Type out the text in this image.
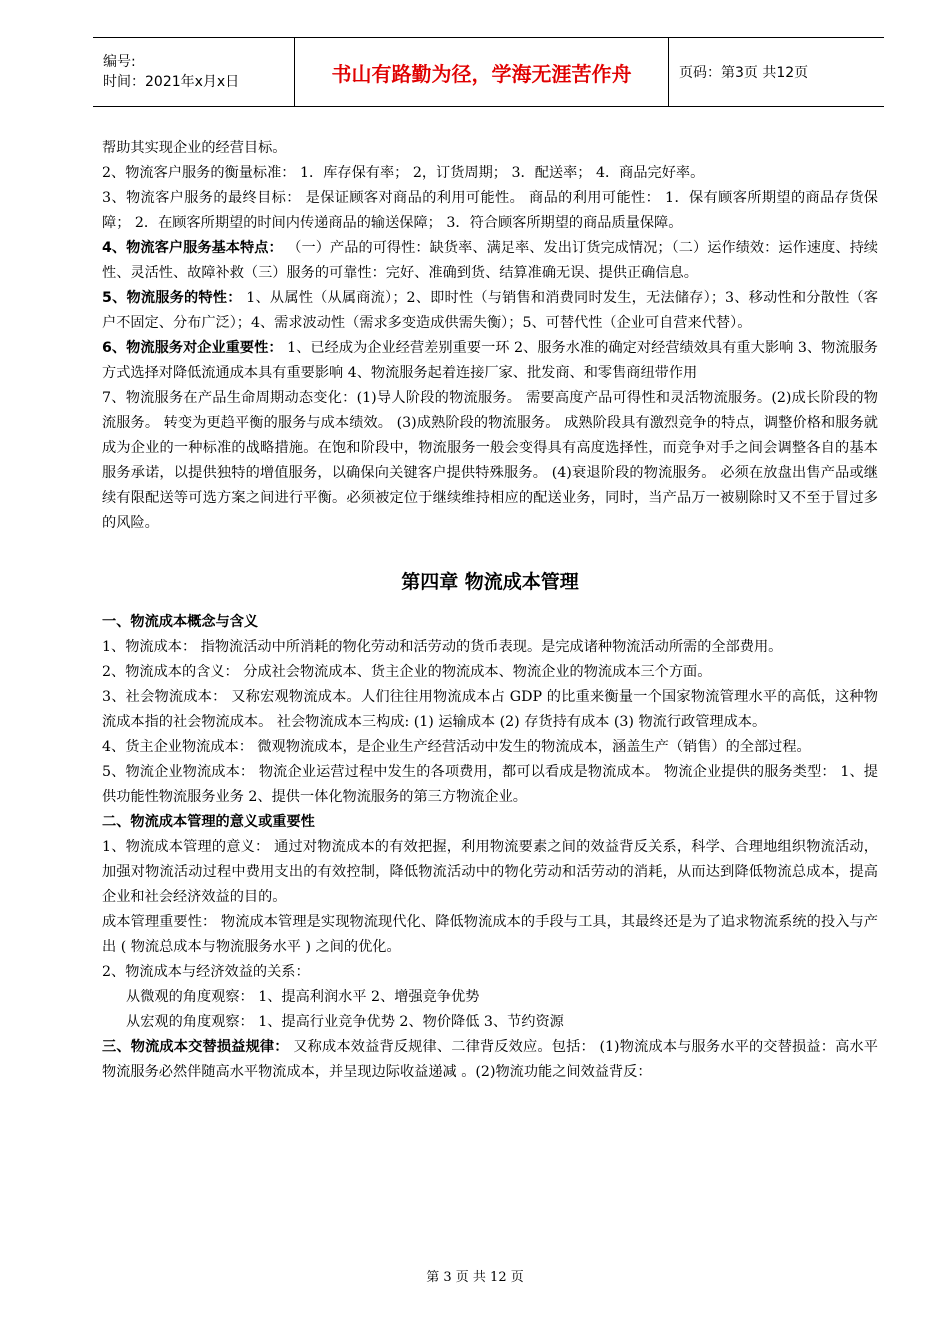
编号:
时间：2021年x月x日	书山有路勤为径，学海无涯苦作舟	页码：第3页 共12页

帮助其实现企业的经营目标。

2、物流客户服务的衡量标准： 1．库存保有率； 2，订货周期； 3．配送率； 4．商品完好率。

3、物流客户服务的最终目标： 是保证顾客对商品的利用可能性。 商品的利用可能性： 1．保有顾客所期望的商品存货保障； 2．在顾客所期望的时间内传递商品的输送保障； 3．符合顾客所期望的商品质量保障。

4、物流客户服务基本特点： （一）产品的可得性：缺货率、满足率、发出订货完成情况；（二）运作绩效：运作速度、持续性、灵活性、故障补救（三）服务的可靠性：完好、准确到货、结算准确无误、提供正确信息。

5、物流服务的特性： 1、从属性（从属商流）；2、即时性（与销售和消费同时发生，无法储存）；3、移动性和分散性（客户不固定、分布广泛）；4、需求波动性（需求多变造成供需失衡）；5、可替代性（企业可自营来代替）。

6、物流服务对企业重要性： 1、已经成为企业经营差别重要一环 2、服务水准的确定对经营绩效具有重大影响 3、物流服务方式选择对降低流通成本具有重要影响 4、物流服务起着连接厂家、批发商、和零售商纽带作用

7、物流服务在产品生命周期动态变化：(1)导人阶段的物流服务。 需要高度产品可得性和灵活物流服务。(2)成长阶段的物流服务。 转变为更趋平衡的服务与成本绩效。 (3)成熟阶段的物流服务。 成熟阶段具有激烈竞争的特点，调整价格和服务就成为企业的一种标准的战略措施。在饱和阶段中，物流服务一般会变得具有高度选择性，而竞争对手之间会调整各自的基本服务承诺，以提供独特的增值服务，以确保向关键客户提供特殊服务。 (4)衰退阶段的物流服务。 必须在放盘出售产品或继续有限配送等可选方案之间进行平衡。必须被定位于继续维持相应的配送业务，同时，当产品万一被剔除时又不至于冒过多的风险。

第四章 物流成本管理

一、物流成本概念与含义

1、物流成本： 指物流活动中所消耗的物化劳动和活劳动的货币表现。是完成诸种物流活动所需的全部费用。

2、物流成本的含义： 分成社会物流成本、货主企业的物流成本、物流企业的物流成本三个方面。

3、社会物流成本： 又称宏观物流成本。人们往往用物流成本占 GDP 的比重来衡量一个国家物流管理水平的高低，这种物流成本指的社会物流成本。 社会物流成本三构成: (1) 运输成本 (2) 存货持有成本 (3) 物流行政管理成本。

4、货主企业物流成本： 微观物流成本，是企业生产经营活动中发生的物流成本，涵盖生产（销售）的全部过程。

5、物流企业物流成本： 物流企业运营过程中发生的各项费用，都可以看成是物流成本。 物流企业提供的服务类型： 1、提供功能性物流服务业务 2、提供一体化物流服务的第三方物流企业。

二、物流成本管理的意义或重要性

1、物流成本管理的意义： 通过对物流成本的有效把握，利用物流要素之间的效益背反关系，科学、合理地组织物流活动，加强对物流活动过程中费用支出的有效控制，降低物流活动中的物化劳动和活劳动的消耗，从而达到降低物流总成本，提高企业和社会经济效益的目的。

成本管理重要性： 物流成本管理是实现物流现代化、降低物流成本的手段与工具，其最终还是为了追求物流系统的投入与产出 ( 物流总成本与物流服务水平 ) 之间的优化。

2、物流成本与经济效益的关系：

从微观的角度观察： 1、提高利润水平 2、增强竞争优势

从宏观的角度观察： 1、提高行业竞争优势 2、物价降低 3、节约资源

三、物流成本交替损益规律： 又称成本效益背反规律、二律背反效应。包括： (1)物流成本与服务水平的交替损益：高水平物流服务必然伴随高水平物流成本，并呈现边际收益递减 。(2)物流功能之间效益背反：

第 3 页 共 12 页
